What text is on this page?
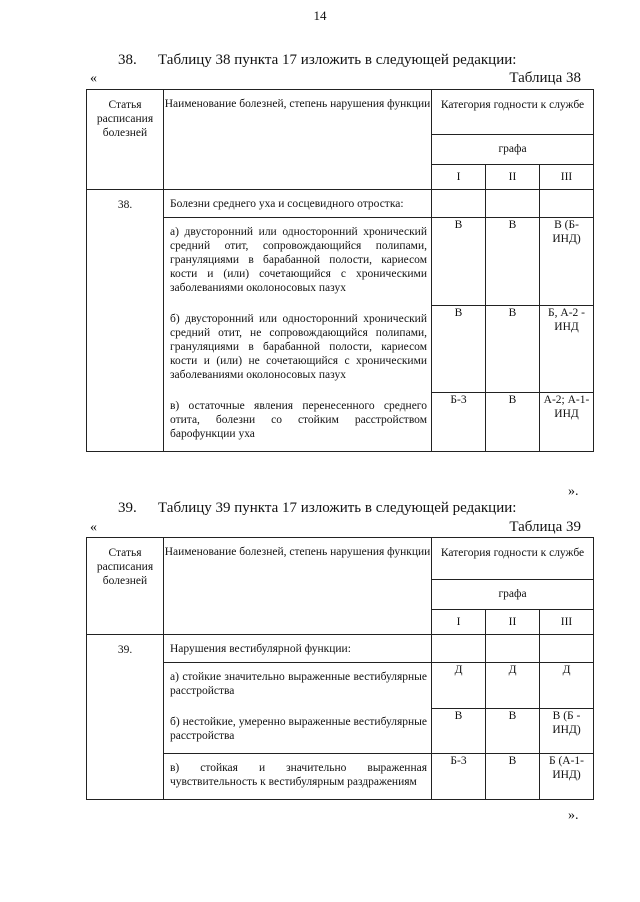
14
38. Таблицу 38 пункта 17 изложить в следующей редакции:
«	Таблица 38
Статья расписания болезней	Наименование болезней, степень нарушения функции	Категория годности к службе		
		графа		
		I	II	III
38.	Болезни среднего уха и сосцевидного отростка:			

	а) двусторонний или односторонний хронический средний отит, сопровождающийся полипами, грануляциями в барабанной полости, кариесом кости и (или) сочетающийся с хроническими заболеваниями околоносовых пазух	В	В	В (Б-ИНД)

	б) двусторонний или односторонний хронический средний отит, не сопровождающийся полипами, грануляциями в барабанной полости, кариесом кости и (или) не сочетающийся с хроническими заболеваниями околоносовых пазух	В	В	Б, А-2 - ИНД

	в) остаточные явления перенесенного среднего отита, болезни со стойким расстройством барофункции уха	Б-3	В	А-2; А-1- ИНД
».
39. Таблицу 39 пункта 17 изложить в следующей редакции:
«	Таблица 39
Статья расписания болезней	Наименование болезней, степень нарушения функции	Категория годности к службе		
		графа		
		I	II	III
39.	Нарушения вестибулярной функции:			

	а) стойкие значительно выраженные вестибулярные расстройства	Д	Д	Д

	б) нестойкие, умеренно выраженные вестибулярные расстройства	В	В	В (Б - ИНД)

	в) стойкая и значительно выраженная чувствительность к вестибулярным раздражениям	Б-3	В	Б (А-1- ИНД)
».
